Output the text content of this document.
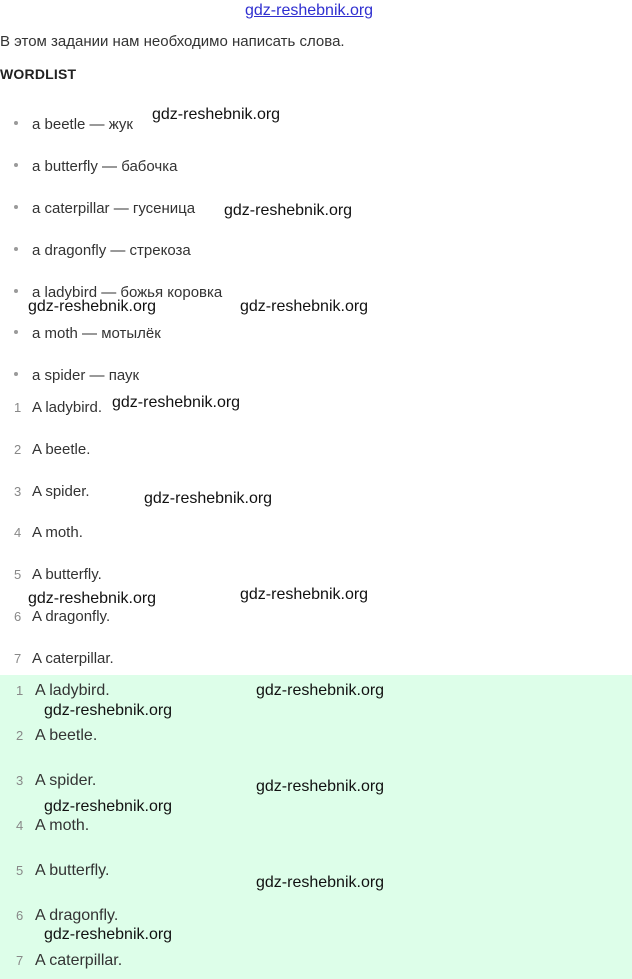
gdz-reshebnik.org
В этом задании нам необходимо написать слова.
WORDLIST
a beetle — жук
a butterfly — бабочка
a caterpillar — гусеница
a dragonfly — стрекоза
a ladybird — божья коровка
a moth — мотылёк
a spider — паук
1 A ladybird.
2 A beetle.
3 A spider.
4 A moth.
5 A butterfly.
6 A dragonfly.
7 A caterpillar.
1 A ladybird.
2 A beetle.
3 A spider.
4 A moth.
5 A butterfly.
6 A dragonfly.
7 A caterpillar.
gdz-reshebnik.org
gdz-reshebnik.org
gdz-reshebnik.org	gdz-reshebnik.org
gdz-reshebnik.org
gdz-reshebnik.org
gdz-reshebnik.org	gdz-reshebnik.org
gdz-reshebnik.org
gdz-reshebnik.org
gdz-reshebnik.org
gdz-reshebnik.org
gdz-reshebnik.org
gdz-reshebnik.org
